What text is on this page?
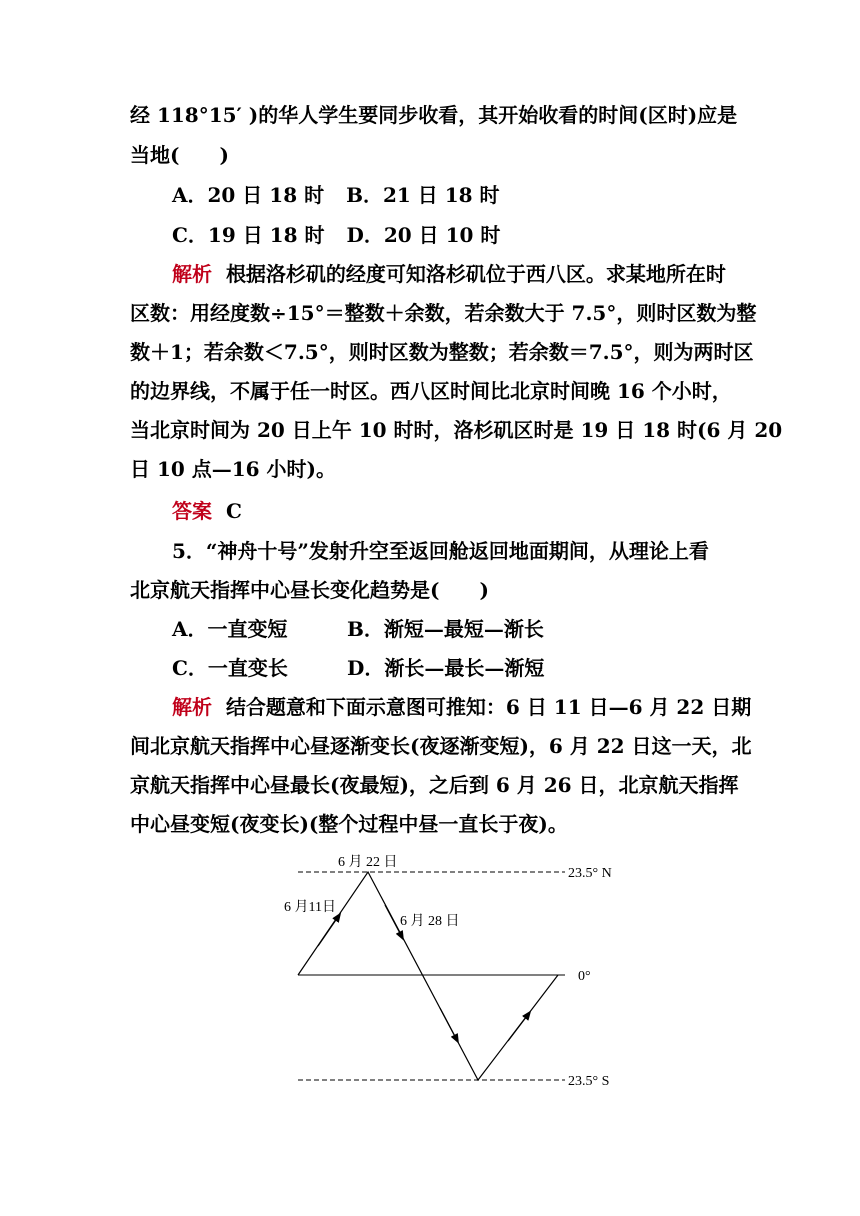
经 118°15′ )的华人学生要同步收看，其开始收看的时间(区时)应是
当地(　　)
A．20 日 18 时 B．21 日 18 时
C．19 日 18 时 D．20 日 10 时
解析 根据洛杉矶的经度可知洛杉矶位于西八区。求某地所在时
区数：用经度数÷15°＝整数＋余数，若余数大于 7.5°，则时区数为整
数＋1；若余数＜7.5°，则时区数为整数；若余数＝7.5°，则为两时区
的边界线，不属于任一时区。西八区时间比北京时间晚 16 个小时，
当北京时间为 20 日上午 10 时时，洛杉矶区时是 19 日 18 时(6 月 20
日 10 点—16 小时)。
答案 C
5．“神舟十号”发射升空至返回舱返回地面期间，从理论上看
北京航天指挥中心昼长变化趋势是(　　)
A．一直变短	B．渐短—最短—渐长
C．一直变长	D．渐长—最长—渐短
解析 结合题意和下面示意图可推知：6 日 11 日—6 月 22 日期
间北京航天指挥中心昼逐渐变长(夜逐渐变短)，6 月 22 日这一天，北
京航天指挥中心昼最长(夜最短)，之后到 6 月 26 日，北京航天指挥
中心昼变短(夜变长)(整个过程中昼一直长于夜)。
6 月 22 日
6 月11日
6 月 28 日
23.5° N
0°
23.5° S
